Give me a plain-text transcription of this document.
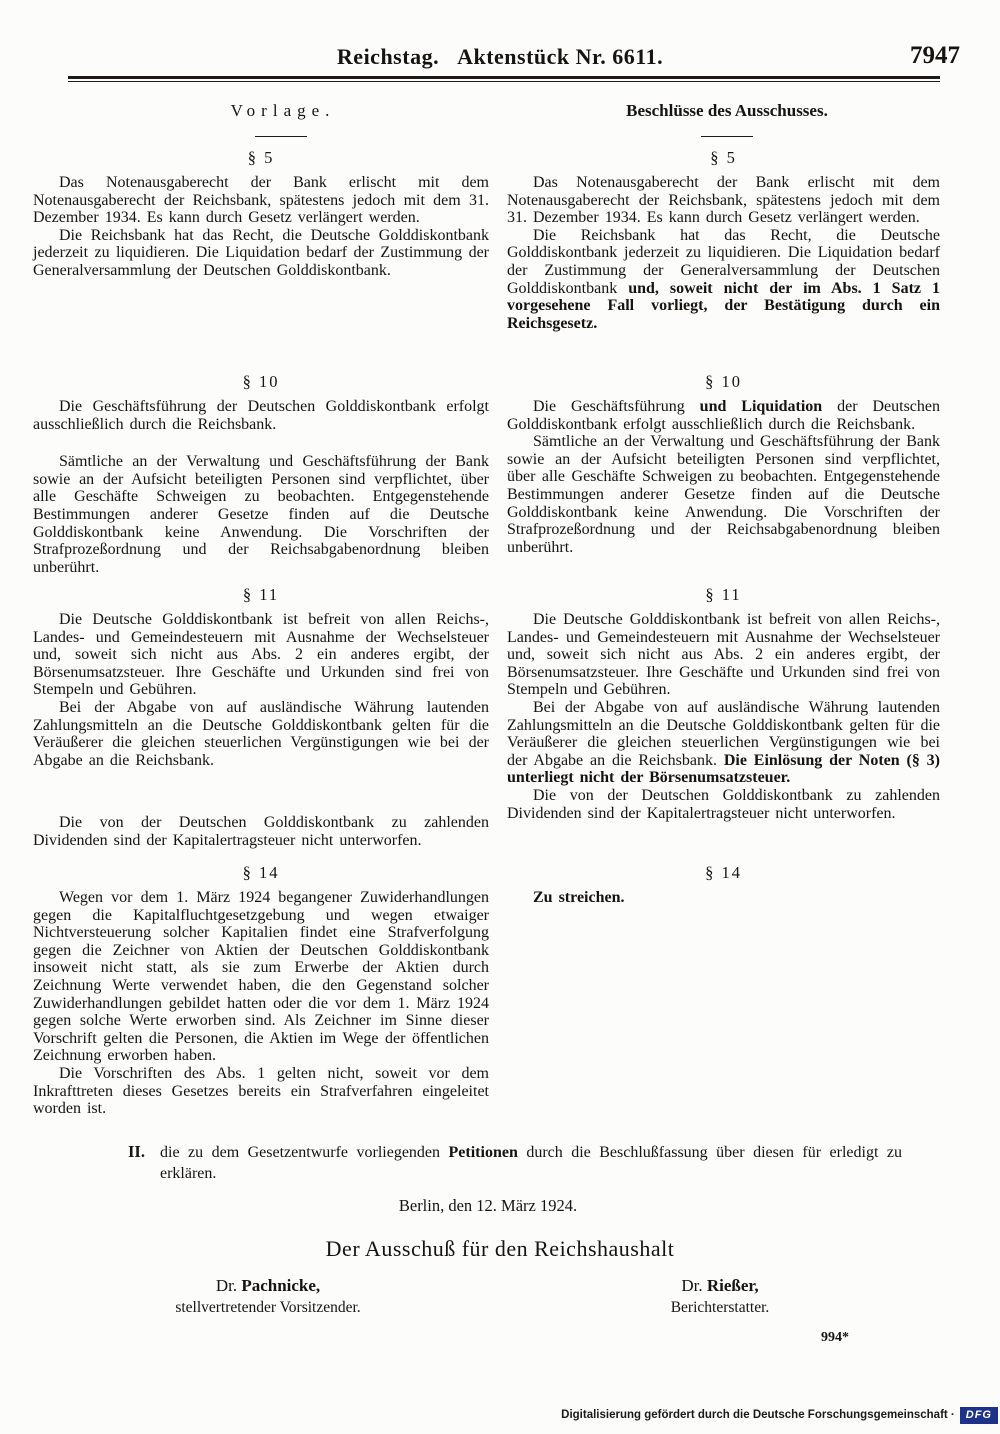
Reichstag. Aktenstück Nr. 6611.	7947
Vorlage.	Beschlüsse des Ausschusses.
§ 5

Das Notenausgaberecht der Bank erlischt mit dem Notenausgaberecht der Reichsbank, spätestens jedoch mit dem 31. Dezember 1934. Es kann durch Gesetz verlängert werden.

Die Reichsbank hat das Recht, die Deutsche Golddiskontbank jederzeit zu liquidieren. Die Liquidation bedarf der Zustimmung der Generalversammlung der Deutschen Golddiskontbank.

§ 5

Das Notenausgaberecht der Bank erlischt mit dem Notenausgaberecht der Reichsbank, spätestens jedoch mit dem 31. Dezember 1934. Es kann durch Gesetz verlängert werden.

Die Reichsbank hat das Recht, die Deutsche Golddiskontbank jederzeit zu liquidieren. Die Liquidation bedarf der Zustimmung der Generalversammlung der Deutschen Golddiskontbank und, soweit nicht der im Abs. 1 Satz 1 vorgesehene Fall vorliegt, der Bestätigung durch ein Reichsgesetz.

§ 10

Die Geschäftsführung der Deutschen Golddiskontbank erfolgt ausschließlich durch die Reichsbank.

Sämtliche an der Verwaltung und Geschäftsführung der Bank sowie an der Aufsicht beteiligten Personen sind verpflichtet, über alle Geschäfte Schweigen zu beobachten. Entgegenstehende Bestimmungen anderer Gesetze finden auf die Deutsche Golddiskontbank keine Anwendung. Die Vorschriften der Strafprozeßordnung und der Reichsabgabenordnung bleiben unberührt.

§ 10

Die Geschäftsführung und Liquidation der Deutschen Golddiskontbank erfolgt ausschließlich durch die Reichsbank.

Sämtliche an der Verwaltung und Geschäftsführung der Bank sowie an der Aufsicht beteiligten Personen sind verpflichtet, über alle Geschäfte Schweigen zu beobachten. Entgegenstehende Bestimmungen anderer Gesetze finden auf die Deutsche Golddiskontbank keine Anwendung. Die Vorschriften der Strafprozeßordnung und der Reichsabgabenordnung bleiben unberührt.

§ 11

Die Deutsche Golddiskontbank ist befreit von allen Reichs-, Landes- und Gemeindesteuern mit Ausnahme der Wechselsteuer und, soweit sich nicht aus Abs. 2 ein anderes ergibt, der Börsenumsatzsteuer. Ihre Geschäfte und Urkunden sind frei von Stempeln und Gebühren.

Bei der Abgabe von auf ausländische Währung lautenden Zahlungsmitteln an die Deutsche Golddiskontbank gelten für die Veräußerer die gleichen steuerlichen Vergünstigungen wie bei der Abgabe an die Reichsbank.

Die von der Deutschen Golddiskontbank zu zahlenden Dividenden sind der Kapitalertragsteuer nicht unterworfen.

§ 11

Die Deutsche Golddiskontbank ist befreit von allen Reichs-, Landes- und Gemeindesteuern mit Ausnahme der Wechselsteuer und, soweit sich nicht aus Abs. 2 ein anderes ergibt, der Börsenumsatzsteuer. Ihre Geschäfte und Urkunden sind frei von Stempeln und Gebühren.

Bei der Abgabe von auf ausländische Währung lautenden Zahlungsmitteln an die Deutsche Golddiskontbank gelten für die Veräußerer die gleichen steuerlichen Vergünstigungen wie bei der Abgabe an die Reichsbank. Die Einlösung der Noten (§ 3) unterliegt nicht der Börsenumsatzsteuer.

Die von der Deutschen Golddiskontbank zu zahlenden Dividenden sind der Kapitalertragsteuer nicht unterworfen.

§ 14

Wegen vor dem 1. März 1924 begangener Zuwiderhandlungen gegen die Kapitalfluchtgesetzgebung und wegen etwaiger Nichtversteuerung solcher Kapitalien findet eine Strafverfolgung gegen die Zeichner von Aktien der Deutschen Golddiskontbank insoweit nicht statt, als sie zum Erwerbe der Aktien durch Zeichnung Werte verwendet haben, die den Gegenstand solcher Zuwiderhandlungen gebildet hatten oder die vor dem 1. März 1924 gegen solche Werte erworben sind. Als Zeichner im Sinne dieser Vorschrift gelten die Personen, die Aktien im Wege der öffentlichen Zeichnung erworben haben.

Die Vorschriften des Abs. 1 gelten nicht, soweit vor dem Inkrafttreten dieses Gesetzes bereits ein Strafverfahren eingeleitet worden ist.

§ 14

Zu streichen.

II. die zu dem Gesetzentwurfe vorliegenden Petitionen durch die Beschlußfassung über diesen für erledigt zu erklären.
Berlin, den 12. März 1924.
Der Ausschuß für den Reichshaushalt
Dr. Pachnicke,
stellvertretender Vorsitzender.
Dr. Rießer,
Berichterstatter.
994*
Digitalisierung gefördert durch die Deutsche Forschungsgemeinschaft ·	DFG
